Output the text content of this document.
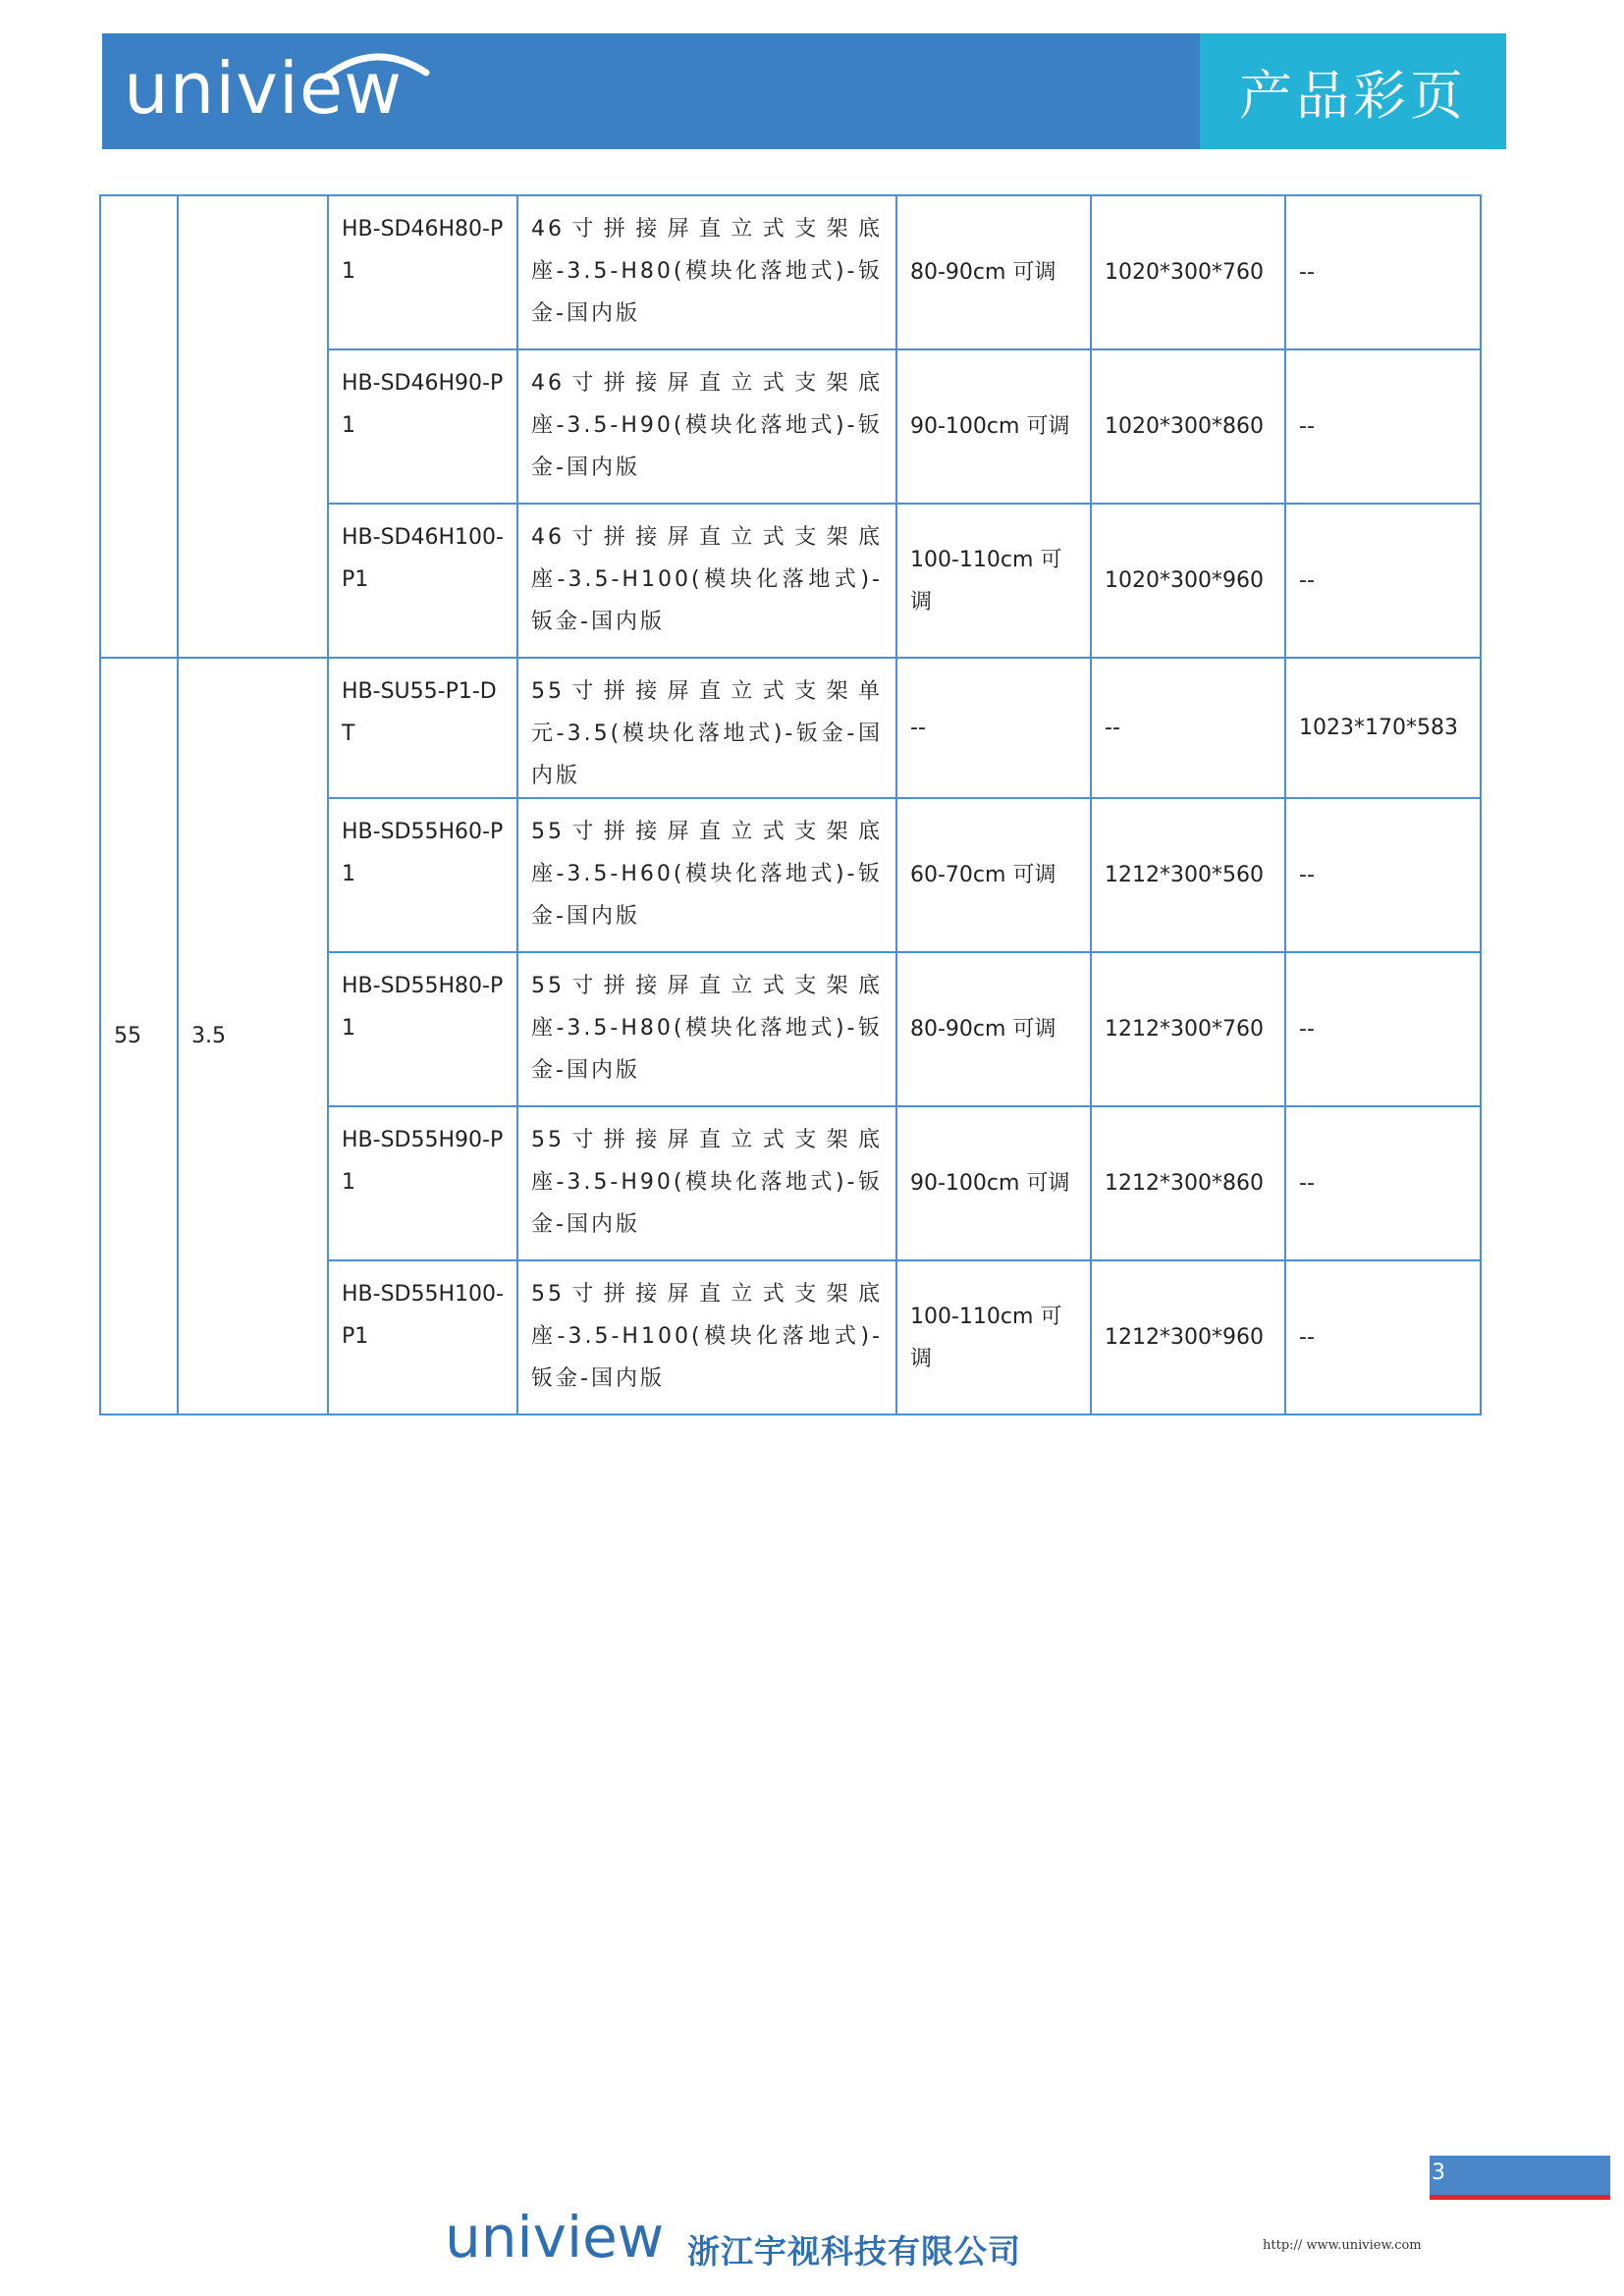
uniview	产品彩页
		HB-SD46H80-P1	46寸拼接屏直立式支架底座-3.5-H80(模块化落地式)-钣金-国内版	80-90cm 可调	1020*300*760	--
		HB-SD46H90-P1	46寸拼接屏直立式支架底座-3.5-H90(模块化落地式)-钣金-国内版	90-100cm 可调	1020*300*860	--
		HB-SD46H100-P1	46寸拼接屏直立式支架底座-3.5-H100(模块化落地式)-钣金-国内版	100-110cm 可调	1020*300*960	--
55	3.5	HB-SU55-P1-DT	55寸拼接屏直立式支架单元-3.5(模块化落地式)-钣金-国内版	--	--	1023*170*583
		HB-SD55H60-P1	55寸拼接屏直立式支架底座-3.5-H60(模块化落地式)-钣金-国内版	60-70cm 可调	1212*300*560	--
		HB-SD55H80-P1	55寸拼接屏直立式支架底座-3.5-H80(模块化落地式)-钣金-国内版	80-90cm 可调	1212*300*760	--
		HB-SD55H90-P1	55寸拼接屏直立式支架底座-3.5-H90(模块化落地式)-钣金-国内版	90-100cm 可调	1212*300*860	--
		HB-SD55H100-P1	55寸拼接屏直立式支架底座-3.5-H100(模块化落地式)-钣金-国内版	100-110cm 可调	1212*300*960	--
3
uniview 浙江宇视科技有限公司	http:// www.uniview.com
